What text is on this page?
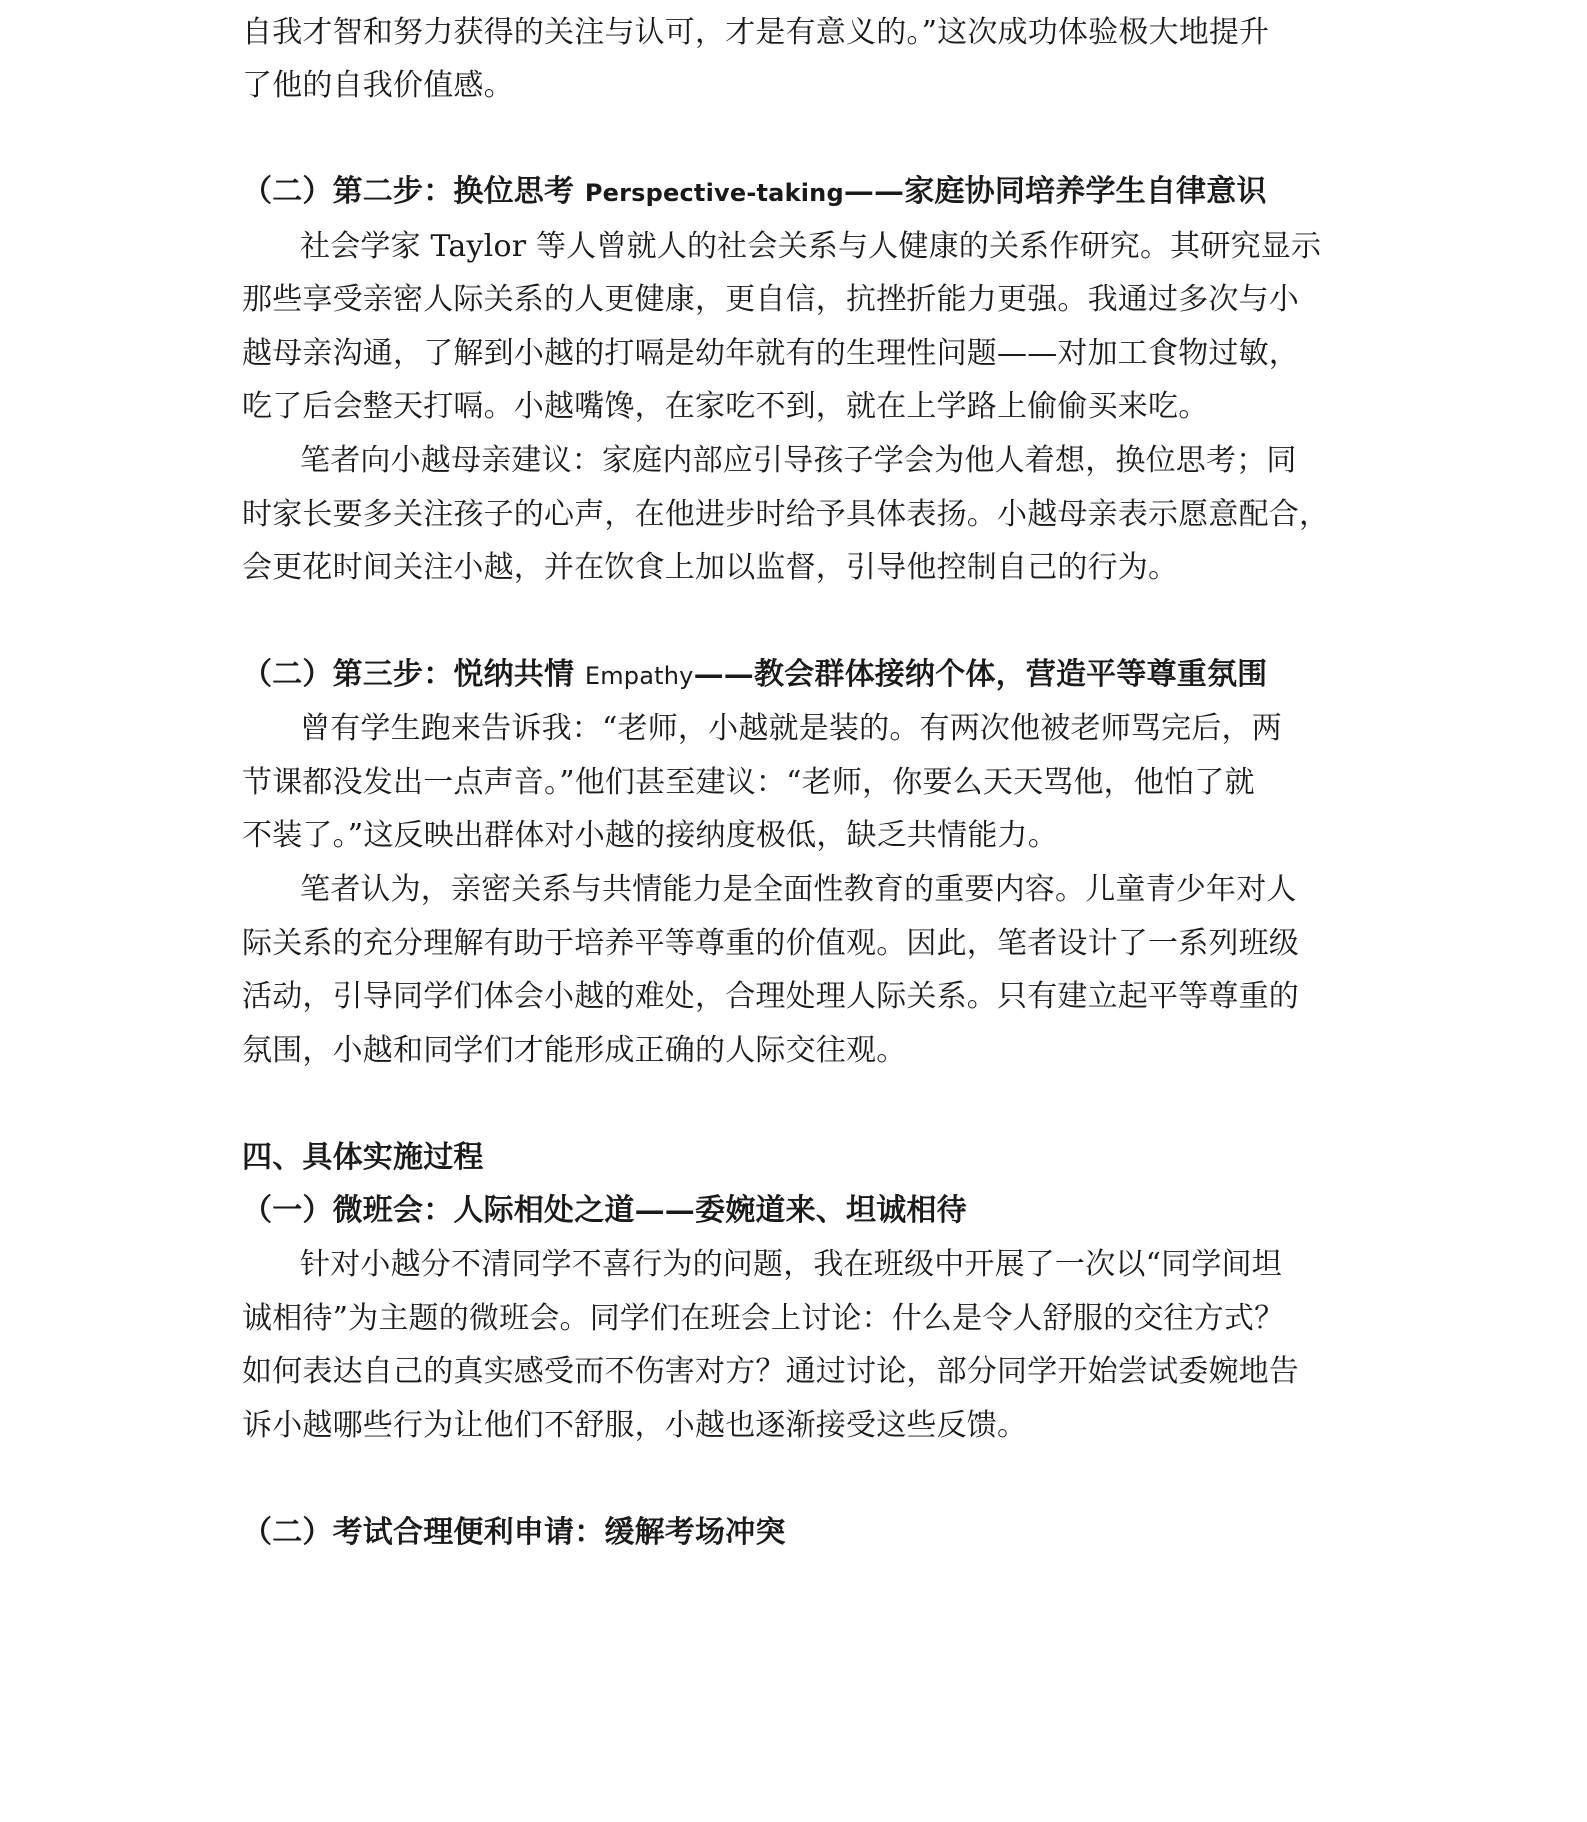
自我才智和努力获得的关注与认可，才是有意义的。”这次成功体验极大地提升
了他的自我价值感。
（二）第二步：换位思考 Perspective-taking——家庭协同培养学生自律意识
社会学家 Taylor 等人曾就人的社会关系与人健康的关系作研究。其研究显示
那些享受亲密人际关系的人更健康，更自信，抗挫折能力更强。我通过多次与小
越母亲沟通，了解到小越的打嗝是幼年就有的生理性问题——对加工食物过敏，
吃了后会整天打嗝。小越嘴馋，在家吃不到，就在上学路上偷偷买来吃。
笔者向小越母亲建议：家庭内部应引导孩子学会为他人着想，换位思考；同
时家长要多关注孩子的心声，在他进步时给予具体表扬。小越母亲表示愿意配合，
会更花时间关注小越，并在饮食上加以监督，引导他控制自己的行为。
（二）第三步：悦纳共情 Empathy——教会群体接纳个体，营造平等尊重氛围
曾有学生跑来告诉我：“老师，小越就是装的。有两次他被老师骂完后，两
节课都没发出一点声音。”他们甚至建议：“老师，你要么天天骂他，他怕了就
不装了。”这反映出群体对小越的接纳度极低，缺乏共情能力。
笔者认为，亲密关系与共情能力是全面性教育的重要内容。儿童青少年对人
际关系的充分理解有助于培养平等尊重的价值观。因此，笔者设计了一系列班级
活动，引导同学们体会小越的难处，合理处理人际关系。只有建立起平等尊重的
氛围，小越和同学们才能形成正确的人际交往观。
四、具体实施过程
（一）微班会：人际相处之道——委婉道来、坦诚相待
针对小越分不清同学不喜行为的问题，我在班级中开展了一次以“同学间坦
诚相待”为主题的微班会。同学们在班会上讨论：什么是令人舒服的交往方式？
如何表达自己的真实感受而不伤害对方？通过讨论，部分同学开始尝试委婉地告
诉小越哪些行为让他们不舒服，小越也逐渐接受这些反馈。
（二）考试合理便利申请：缓解考场冲突
